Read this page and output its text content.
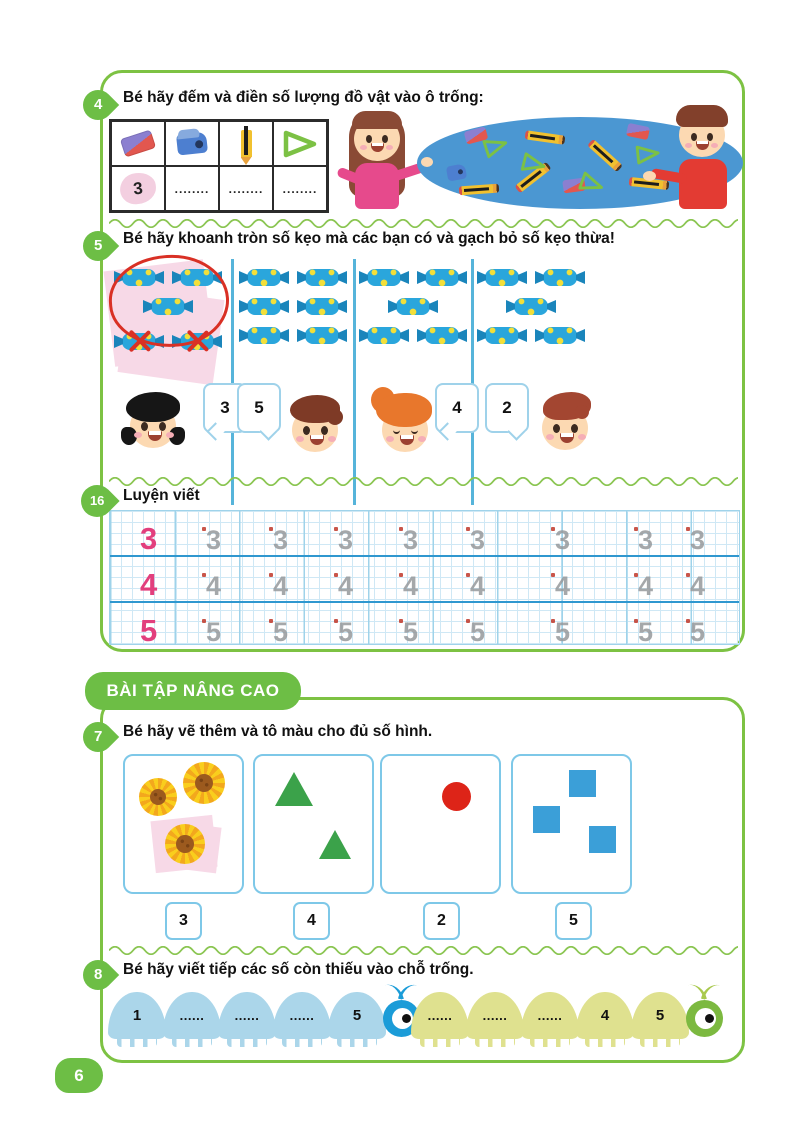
4 Bé hãy đếm và điền số lượng đồ vật vào ô trống:
3	........	........	........
5 Bé hãy khoanh tròn số kẹo mà các bạn có và gạch bỏ số kẹo thừa!
3	5	4	2
16 Luyện viết
3 3 3 3 3 3	3	3 3
4 4 4 4 4 4	4	4 4
5 5 5 5 5 5	5	5 5
BÀI TẬP NÂNG CAO
7 Bé hãy vẽ thêm và tô màu cho đủ số hình.
3	4	2	5
8 Bé hãy viết tiếp các số còn thiếu vào chỗ trống.
1	...... ...... ......	5	...... ...... ......	4	5
6
